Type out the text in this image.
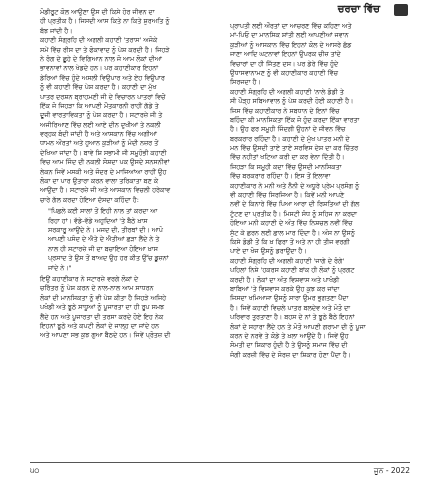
ਚਰਚਾ ਵਿੱਚ
ਮੋਡੀਰੂਟ ਕੋਲ ਆਉਣਾ ਉਸ ਦੀ ਕਿਸੇ ਹੋਰ ਜੀਵਨ ਦਾ
ਹੀ ਪ੍ਰਤੀਕ ਹੈ। ਜਿਸਦੀ ਆਸ ਕਿਤੇ ਨਾ ਕਿਤੇ ਸ਼ੁਰਅਤਿ ਨੂੰ
ਬੱਝ ਜਾਂਦੀ ਹੈ।
ਕਹਾਣੀ ਸੰਗ੍ਰਹਿ ਦੀ ਅਗਲੀ ਕਹਾਣੀ 'ਤਰਾਸ' ਅਜੋਕੇ
ਸਮੇਂ ਵਿੱਚ ਰੀਸ ਦਾ ਤੇ ਫੋਕਾਵਾਦ ਨੂੰ ਪੇਸ਼ ਕਰਦੀ ਹੈ। ਜਿਹੜੇ
ਨੇ ਰੰਗ ਦੇ ਛੂਹੇ ਦੇ ਵਿਗਿਆਨ ਨਾਲ ਜੋ ਆਮ ਲੋਕਾਂ ਦੀਆਂ
ਭਾਵਨਾਵਾਂ ਨਾਲ ਖੇਡਦੇ ਹਨ। ਪਰ ਕਹਾਣੀਕਾਰ ਇਹਨਾਂ
ਡੇਰਿਆਂ ਵਿੱਚ ਹੁੰਦੇ ਅਸਲੀ ਵਿਉਪਾਰ ਅਤੇ ਏਹ ਵਿਉਪਾਰ
ਨੂੰ ਵੀ ਕਹਾਣੀ ਵਿੱਚ ਪੇਸ਼ ਕਰਦਾ ਹੈ। ਕਹਾਣੀ ਦਾ ਮੁੱਖ
ਪਾਤਰ ਦਰਸ਼ਨ ਬ੍ਰਾਹਮਣੀ ਜੀ ਦੇ ਵਿਚਾਰਨ ਪਾਤਰਾਂ ਵਿਚੋਂ
ਇੱਕ ਜੋ ਜਿਹੜਾ ਕਿ ਆਪਣੀ ਮੌਤਕਾਰਨੀ ਰਾਹੀਂ ਗੱਡੇ ਤੇ
ਦੂਜੀ ਵਾਰਤਾਵਿਕਤਾ ਨੂੰ ਪੇਸ਼ ਕਰਦਾ ਹੈ। ਸਟਾਰਜ਼ੇ ਜੀ ਤੇ
ਅਜੀਰਿਆਣ ਵਿੱਚ ਲਈ ਆਏ ਦੀਨ ਦੁਖੀਆਂ ਤੇ ਨਕਲੀ
ਵਰ੍ਹਕ ਬੰਦੀ ਜਾਂਦੀ ਹੈ ਅਤੇ ਆਸਕਾਨ ਵਿੱਚ ਅਗੀਆਂ
ਧਾਮਨ ਔਰਤਾਂ ਅਤੇ ਹੁਆਨ ਕੁੜੀਆਂ ਨੂੰ ਮੰਦੀ ਨਜ਼ਰ ਤੋਂ
ਦੇਖਿਆ ਜਾਂਦਾ ਹੈ। ਬਾਵੇ ਸ਼ਿ ਸਭਾਮੀ ਜੀ ਸਮੂਹੰਭੀ ਕਹਾਣੀ
ਵਿਚ ਆਮ ਜਿੰਦ ਦੀ ਨਕਲੀ ਸੋਸ਼ਦਾ ਪਕ ਉਸਦੇ ਸਨਸਨੀਵਾਂ
ਲੇਕਨ ਜਿਵੇਂ ਮਸਕੀ ਅਤੇ ਜੰਦਰ ਦੇ ਮਾਜਿਆਂਆ ਰਾਹੀਂ ਉਹ
ਲੋਕਾ ਦਾ ਪਾਰ ਉਤਾਰਾ ਕਰਨ ਵਾਲਾ ਤਰਿਕਾਤਾ ਬਣ ਕੇ
ਆਉਂਦਾ ਹੈ। ਸਟਾਰਜ਼ੇ ਜੀ ਅਤੇ ਆਸਕਾਨ ਵਿਚਲੀ ਹਰੇਕਾਵ
ਚਾਰੇ ਗੱਲ ਕਰਦਾ ਹੋਇਆ ਦੱਸਦਾ ਕਹਿੰਦਾ ਹੈ:
"ਪਿਛਲੇ ਕਈ ਸਾਲਾਂ ਤੋਂ ਇਹੀ ਨਾਲ ਤਾਂ ਕਰਦਾ ਆ
ਰਿਹਾ ਹਾਂ। ਵੱਡੇ-ਵੱਡੇ ਅਹੁਦਿਆਂ 'ਤੇ ਬੈਠੇ ਖ਼ਾਸ
ਸਰਕਾਰੂ ਆਉਂਦੇ ਨੇ। ਮਜਦ ਦੀ, ਤੀਰਥਾਂ ਦੀ। ਆਪੋ
ਆਪਣੀ ਪਸੰਦ ਦੇ ਐਤੇ ਦੇ ਐਤੀਆਂ ਛੜਾ ਲੈਂਦੇ ਨੇ ਤੇ
ਨਾਲ ਹੀ ਸਟਾਰਜ਼ੇ ਜੀ ਦਾ ਬਚਾਇਆ ਹੋਇਆ ਖ਼ਾਸ
ਪ੍ਰਸਾਦ ਤੇ ਉਸ ਤੋਂ ਬਾਅਦ ਉਹ ਹਰ ਕੀਤ ਉੱਚ ਡੂਜ਼ਨਾਂ
ਜਾਂਦੇ ਨੇ।"
ਇਉਂ ਕਹਾਣੀਕਾਰ ਨੇ ਸਟਾਰਜ਼ੇ ਵਰਗੇ ਲੋਕਾਂ ਦੇ
ਚਰਿੱਤਰ ਨੂੰ ਪੇਸ਼ ਕਰਨ ਦੇ ਨਾਲ-ਨਾਲ ਆਮ ਸਾਧਰਨ
ਲੋਕਾਂ ਦੀ ਮਾਨਸਿਕਤਾ ਨੂੰ ਵੀ ਪੇਸ਼ ਕੀਤਾ ਹੈ ਜਿਹੜੇ ਅਜਿਹੇ
ਪਖੰਡੀ ਅਤੇ ਝੂਠੇ ਸਾਧੂਆਂ ਨੂੰ ਪੂਜਾਰਤਾ ਦਾ ਹੀ ਰੂਪ ਸਮਝ
ਲੈਂਦੇ ਹਨ ਅਤੇ ਪੂਜਾਰਤਾ ਦੀ ਤਰਸਾ ਕਰਦੇ ਹੋਏ ਇਹ ਨੇਕ
ਇਹਨਾਂ ਝੂਠੇ ਅਤੇ ਕਪਟੀ ਲੋਕਾਂ ਦੇ ਜਾਲ੍ਹ ਦਾ ਜਾਂਦੇ ਹਨ
ਅਤੇ ਆਪਣਾ ਸਭ ਕੁਝ ਗੁਆ ਬੈਠਦੇ ਹਨ। ਜਿਵੇਂ ਪ੍ਰੋਤਜ਼ ਦੀ
ਪ੍ਰਾਪਤੀ ਲਈ ਔਰਤਾਂ ਦਾ ਆਚਰਣ ਵਿੱਚ ਕਹਿਣਾ ਅਤੇ
ਮਾਂ-ਪਿਓ ਦਾ ਮਾਨਸਿਕ ਸ਼ਾਂਤੀ ਲਈ ਆਪਣੀਆਂ ਜਵਾਨ
ਕੁੜੀਆਂ ਨੂੰ ਆਸਕਾਨ ਵਿੱਚ ਇਹਨਾਂ ਕੋਲ ਦੇ ਆਸਰੇ ਛੱਡ
ਜਾਣਾ ਆਦਿ ਘਟਨਾਵਾਂ ਇਹਨਾਂ ਉਪਰਕ ਚੀਜ਼ ਤਾਂਦੇ
ਵਿਚਾਰਾਂ ਦਾ ਹੀ ਜਿੱਤਣ ਦਸ। ਪਰ ਡੇਰੇ ਵਿੱਚ ਹੁੰਦੇ
ਉਧਾਸਵਾਨਾਮਣ ਨੂੰ ਵੀ ਕਹਾਣੀਕਾਰ ਕਹਾਣੀ ਵਿੱਚ
ਸਿਰਜਦਾ ਹੈ।
ਕਹਾਣੀ ਸੰਗ੍ਰਹਿ ਦੀ ਅਗਲੀ ਕਹਾਣੀ 'ਨਾਲੇ ਡੰਡੀ ਤੇ
ਸੀ ਪੌੜ੍ਹ ਸਬਿਆਵਾਲ ਨੂੰ ਪੇਸ਼ ਕਰਦੀ ਹੋਈ ਕਹਾਣੀ ਹੈ।
ਜਿਸ ਵਿੱਚ ਕਹਾਣੀਕਾਰ ਨੇ ਸਬਧਾਨ ਦੇ ਇਨਾਂ ਵਿੱਚ
ਬਹਿੰਦਾ ਕੀ ਮਾਨਸਿਕਤਾ ਇੱਕ ਜੋ ਹੁੰਦ ਕਰਦਾ ਇੱਕਾ ਵਾਰਤਾ
ਹੈ। ਉਹ ਫਰ ਸਮੂਹੀ ਜਿੰਦਗੀ ਉਹਨਾਂ ਦੇ ਜੀਵਨ ਵਿੱਚ
ਬਰਕਰਾਰ ਰਹਿੰਦਾ ਹੈ। ਕਹਾਣੀ ਦੇ ਮੁੱਖ ਪਾਤਰ ਮਨੀ ਦੇ
ਮਨ ਵਿੱਚ ਉਸਦੀ ਤਾਏ ਤਾਏ ਸਰਵਿਸ ਦੇਸ਼ ਦਾ ਕਰ ਚਿੱਤਰ
ਵਿੱਚ ਨਹੀਤਾਂ ਖਟਿਆ ਕਰੀ ਦਾ ਕਰ ਵੇਨਾ ਦਿੱਤੀ ਹੈ।
ਜਿਹੜਾ ਕਿ ਸਮੂਹੀ ਕਦਾ ਵਿੱਚ ਉਸਦੀ ਮਾਨਸਿਕਤਾ
ਵਿੱਚ ਬਰਕਰਾਰ ਰਹਿੰਦਾ ਹੈ। ਇਸ ਤੋਂ ਇਲਾਵਾ
ਕਹਾਣੀਕਾਰ ਨੇ ਮਨੀ ਅਤੇ ਨੈਨੀ ਦੇ ਅਧੂਰੇ ਪ੍ਰੇਮ ਪ੍ਰਸੰਗ ਨੂੰ
ਵੀ ਕਹਾਣੀ ਵਿੱਚ ਸਿਰਜਿਆ ਹੈ। ਕਿਵੇਂ ਮਨੀ ਆਪਣੇ
ਨਵੀਂ ਦੇ ਕਿਨਾਰੇ ਵਿੱਚ ਪਿਆ ਆਰਾ ਦੀ ਰਿਸ਼ਤਿਆਂ ਦੀ ਗੱਲ
ਟੁੱਟਣ ਦਾ ਪ੍ਰਤੀਕ ਹੈ। ਮਿਸਟੀ ਸੰਧ ਨੂੰ ਸਹਿਜ ਨਾ ਕਰਦਾ
ਹੋਇਆ ਮਨੀ ਕਹਾਣੀ ਦੇ ਅੰਤ ਵਿੱਚ ਨਿਸ਼ਚਲ ਨਵੀਂ ਵਿੱਚ
ਸੁੱਟ ਕੇ ਛਰਨ ਲਈ ਛਾਲ ਮਾਰ ਦਿੰਦਾ ਹੈ। ਅੰਸ ਨਾ ਉਸਨੂੰ
ਕਿਸੇ ਡੰਡੀ ਤੋਂ ਕਿ ਖ਼ ਫਿਰਾ ਤੋਂ ਅਤੇ ਨਾ ਹੀ ਤੀਜ ਵਰਗੀ
ਪਾਏ ਦਾ ਖੋਜ ਉਸਨੂੰ ਡਰਾਉਂਦਾ ਹੈ।
ਕਹਾਣੀ ਸੰਗ੍ਰਹਿ ਦੀ ਅਗਲੀ ਕਹਾਣੀ 'ਜਾਗੇ ਦੇ ਰੰਗੇ'
ਪਹਿਲਾਂ ਨਿਸ਼ੇ 'ਹਕਰਸ ਕਹਾਣੀ ਬਾਂਕ ਹੀ ਲੋਕਾਂ ਨੂੰ ਪ੍ਰਗਟ
ਕਰਦੀ ਹੈ। ਲੋਕਾਂ ਦਾ ਅੰਤ ਵਿਸ਼ਵਾਸ ਅਤੇ ਪਾਖੰਡੀ
ਬਾਬਿਆਂ 'ਤੇ ਵਿਸ਼ਵਾਸ ਕਰਕੇ ਉਹ ਕੁਝ ਕਰ ਜਾਂਦਾ
ਜਿਸਦਾ ਖਮਿਆਜਾ ਉਸਨੂੰ ਸਾਰਾ ਉਮਰ ਭੁਗਤਣਾ ਪੈਂਦਾ
ਹੈ। ਜਿਵੇਂ ਕਹਾਣੀ ਵਿਚਲੇ ਪਾਤਰ ਬਲਦੇਵ ਅਤੇ ਮੋਤੋ ਦਾ
ਪਰਿਵਾਰ ਤੁਰਤਾਣਾ ਹੈ। ਬਹਸ ਦੇ ਨਾਂ ਤੇ ਝੂਠੇ ਬੈਠੇ ਇਹਨਾਂ
ਲੋਕਾਂ ਦੇ ਸਹਾਰਾ ਲੈਂਦੇ ਹਨ ਤੇ ਮੋਤੋ ਆਪਣੀ ਗਰਾਮਾ ਦੀ ਨੂੰ ਪੂਜਾ
ਕਰਨ ਦੇ ਨਰਵੇ ਤੇ ਕੋਡੇ ਤੇ ਖ਼ਲਾ ਆਉਂਦੇ ਹੈ। ਜਿਵੇਂ ਉਹ
ਸੋਮਤੀ ਦਾ ਸ਼ਿਕਾਰ ਹੁੰਦੀ ਹੈ ਤੇ ਉਸਨੂੰ ਸਮਾਜ ਵਿੱਚ ਦੀ
ਜੰਗੀ ਕਰਜ਼ੀ ਵਿੱਚ ਦੇ ਸੋਰਜ਼ ਦਾ ਸ਼ਿਕਾਰ ਹੋਣਾ ਪੈਂਦਾ ਹੈ।
੫੦	ਜੂਨ - 2022
